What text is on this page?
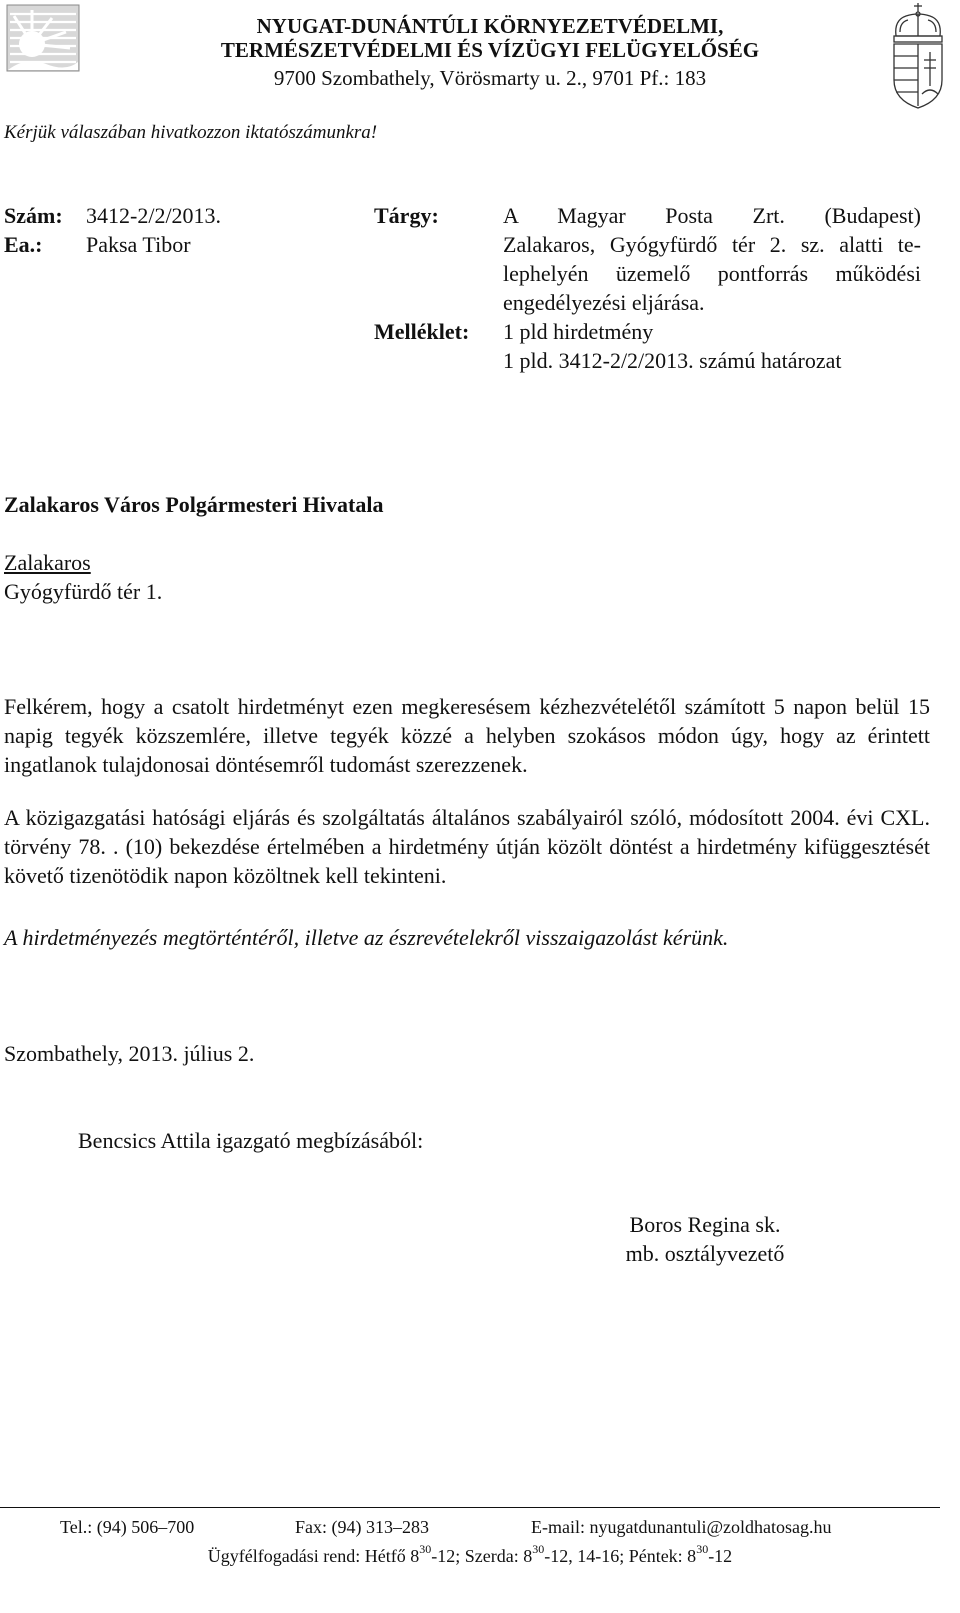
NYUGAT-DUNÁNTÚLI KÖRNYEZETVÉDELMI,
TERMÉSZETVÉDELMI ÉS VÍZÜGYI FELÜGYELŐSÉG
9700 Szombathely, Vörösmarty u. 2., 9701 Pf.: 183
Kérjük válaszában hivatkozzon iktatószámunkra!
Szám: 3412-2/2/2013.
Ea.: Paksa Tibor
Tárgy:	A Magyar Posta Zrt. (Budapest)
Zalakaros, Gyógyfürdő tér 2. sz. alatti te-
lephelyén üzemelő pontforrás működési
engedélyezési eljárása.
Melléklet: 1 pld hirdetmény
1 pld. 3412-2/2/2013. számú határozat
Zalakaros Város Polgármesteri Hivatala
Zalakaros
Gyógyfürdő tér 1.
Felkérem, hogy a csatolt hirdetményt ezen megkeresésem kézhezvételétől számított 5 napon belül 15 napig tegyék közszemlére, illetve tegyék közzé a helyben szokásos módon úgy, hogy az érintett ingatlanok tulajdonosai döntésemről tudomást szerezzenek.
A közigazgatási hatósági eljárás és szolgáltatás általános szabályairól szóló, módosított 2004. évi CXL. törvény 78. . (10) bekezdése értelmében a hirdetmény útján közölt döntést a hirdetmény kifüggesztését követő tizenötödik napon közöltnek kell tekinteni.
A hirdetményezés megtörténtéről, illetve az észrevételekről visszaigazolást kérünk.
Szombathely, 2013. július 2.
Bencsics Attila igazgató megbízásából:
Boros Regina sk.
mb. osztályvezető
Tel.: (94) 506–700	Fax: (94) 313–283	E-mail: nyugatdunantuli@zoldhatosag.hu
Ügyfélfogadási rend: Hétfő $8^{30}-12$; Szerda: $8^{30}-12$, 14-16; Péntek: $8^{30}-12$
